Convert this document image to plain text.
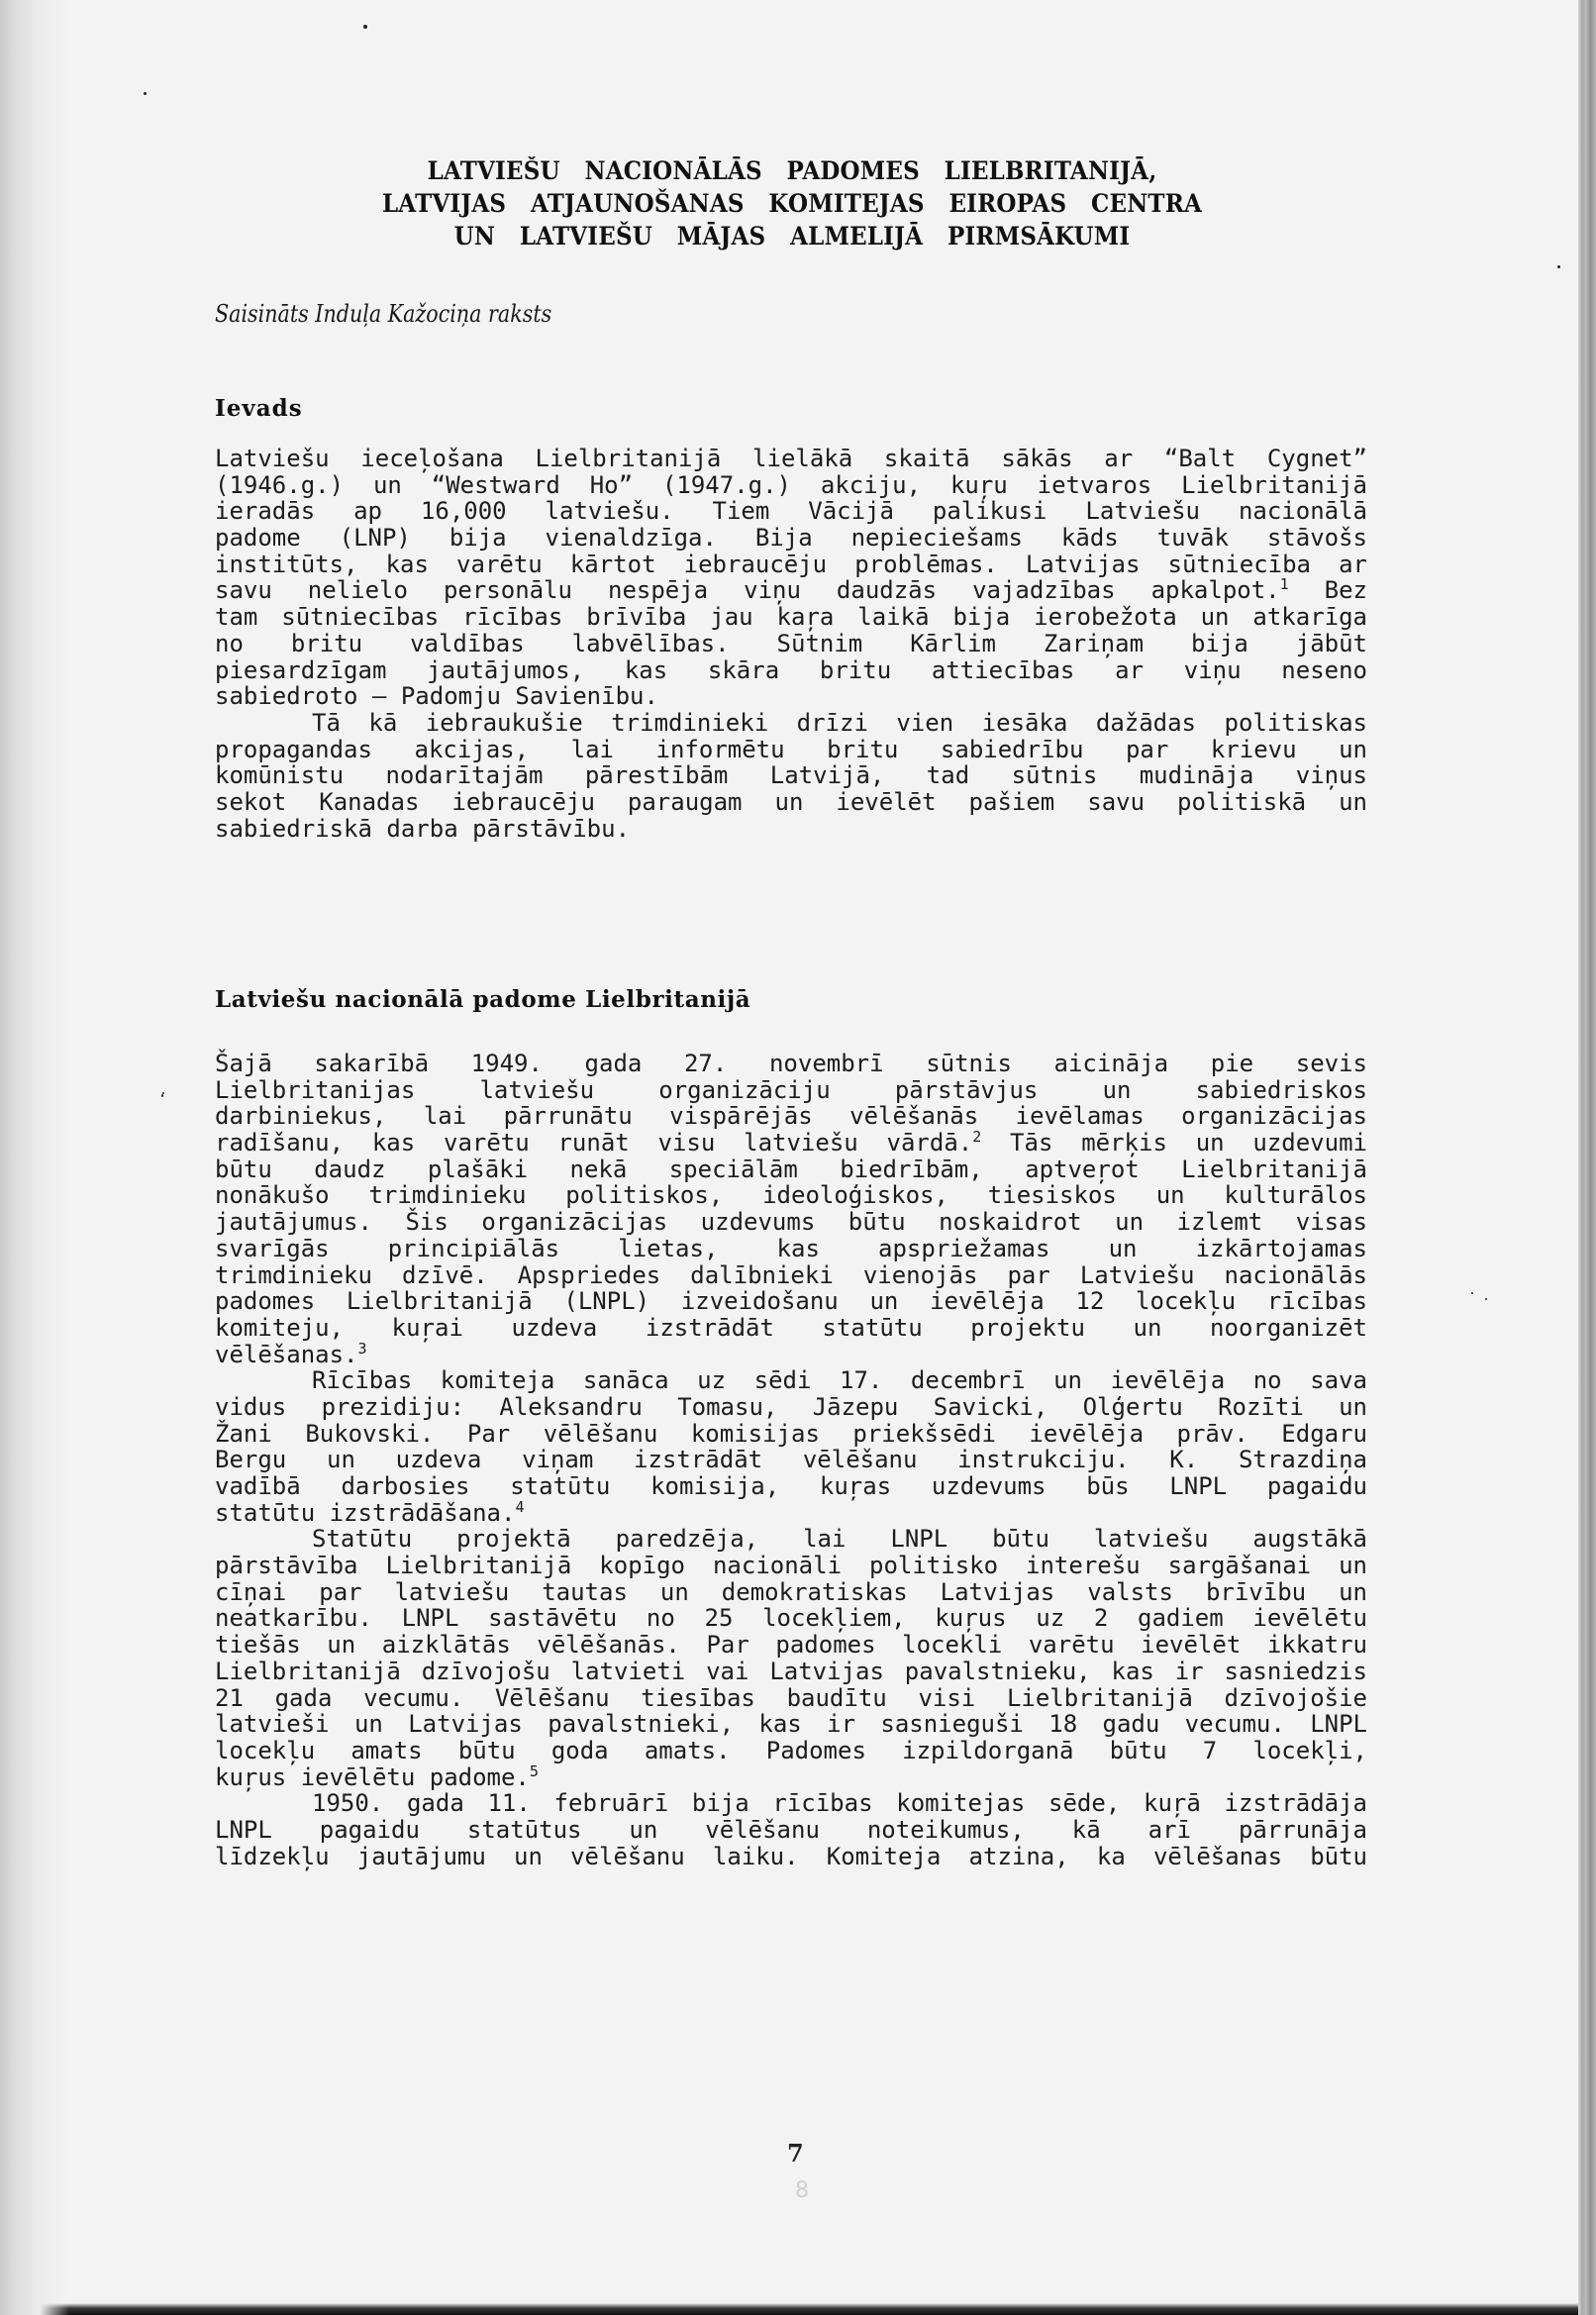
LATVIEŠU NACIONĀLĀS PADOMES LIELBRITANIJĀ,
LATVIJAS ATJAUNOŠANAS KOMITEJAS EIROPAS CENTRA
UN LATVIEŠU MĀJAS ALMELIJĀ PIRMSĀKUMI
Saisināts Induļa Kažociņa raksts
Ievads
Latviešu ieceļošana Lielbritanijā lielākā skaitā sākās ar “Balt Cygnet”
(1946.g.) un “Westward Ho” (1947.g.) akciju, kuŗu ietvaros Lielbritanijā
ieradās ap 16,000 latviešu. Tiem Vācijā palikusi Latviešu nacionālā
padome (LNP) bija vienaldzīga. Bija nepieciešams kāds tuvāk stāvošs
institūts, kas varētu kārtot iebraucēju problēmas. Latvijas sūtniecība ar
savu nelielo personālu nespēja viņu daudzās vajadzības apkalpot.$^1$ Bez
tam sūtniecības rīcības brīvība jau kaŗa laikā bija ierobežota un atkarīga
no britu valdības labvēlības. Sūtnim Kārlim Zariņam bija jābūt
piesardzīgam jautājumos, kas skāra britu attiecības ar viņu neseno
sabiedroto – Padomju Savienību.
Tā kā iebraukušie trimdinieki drīzi vien iesāka dažādas politiskas
propagandas akcijas, lai informētu britu sabiedrību par krievu un
komūnistu nodarītajām pārestībām Latvijā, tad sūtnis mudināja viņus
sekot Kanadas iebraucēju paraugam un ievēlēt pašiem savu politiskā un
sabiedriskā darba pārstāvību.
Latviešu nacionālā padome Lielbritanijā
Šajā sakarībā 1949. gada 27. novembrī sūtnis aicināja pie sevis
Lielbritanijas latviešu organizāciju pārstāvjus un sabiedriskos
darbiniekus, lai pārrunātu vispārējās vēlēšanās ievēlamas organizācijas
radīšanu, kas varētu runāt visu latviešu vārdā.$^2$ Tās mērķis un uzdevumi
būtu daudz plašāki nekā speciālām biedrībām, aptveŗot Lielbritanijā
nonākušo trimdinieku politiskos, ideoloģiskos, tiesiskos un kulturālos
jautājumus. Šis organizācijas uzdevums būtu noskaidrot un izlemt visas
svarīgās principiālās lietas, kas apspriežamas un izkārtojamas
trimdinieku dzīvē. Apspriedes dalībnieki vienojās par Latviešu nacionālās
padomes Lielbritanijā (LNPL) izveidošanu un ievēlēja 12 locekļu rīcības
komiteju, kuŗai uzdeva izstrādāt statūtu projektu un noorganizēt
vēlēšanas.$^3$
Rīcības komiteja sanāca uz sēdi 17. decembrī un ievēlēja no sava
vidus prezidiju: Aleksandru Tomasu, Jāzepu Savicki, Olģertu Rozīti un
Žani Bukovski. Par vēlēšanu komisijas priekšsēdi ievēlēja prāv. Edgaru
Bergu un uzdeva viņam izstrādāt vēlēšanu instrukciju. K. Strazdiņa
vadībā darbosies statūtu komisija, kuŗas uzdevums būs LNPL pagaidu
statūtu izstrādāšana.$^4$
Statūtu projektā paredzēja, lai LNPL būtu latviešu augstākā
pārstāvība Lielbritanijā kopīgo nacionāli politisko interešu sargāšanai un
cīņai par latviešu tautas un demokratiskas Latvijas valsts brīvību un
neatkarību. LNPL sastāvētu no 25 locekļiem, kuŗus uz 2 gadiem ievēlētu
tiešās un aizklātās vēlēšanās. Par padomes locekli varētu ievēlēt ikkatru
Lielbritanijā dzīvojošu latvieti vai Latvijas pavalstnieku, kas ir sasniedzis
21 gada vecumu. Vēlēšanu tiesības baudītu visi Lielbritanijā dzīvojošie
latvieši un Latvijas pavalstnieki, kas ir sasnieguši 18 gadu vecumu. LNPL
locekļu amats būtu goda amats. Padomes izpildorganā būtu 7 locekļi,
kuŗus ievēlētu padome.$^5$
1950. gada 11. februārī bija rīcības komitejas sēde, kuŗā izstrādāja
LNPL pagaidu statūtus un vēlēšanu noteikumus, kā arī pārrunāja
līdzekļu jautājumu un vēlēšanu laiku. Komiteja atzina, ka vēlēšanas būtu
7
8
